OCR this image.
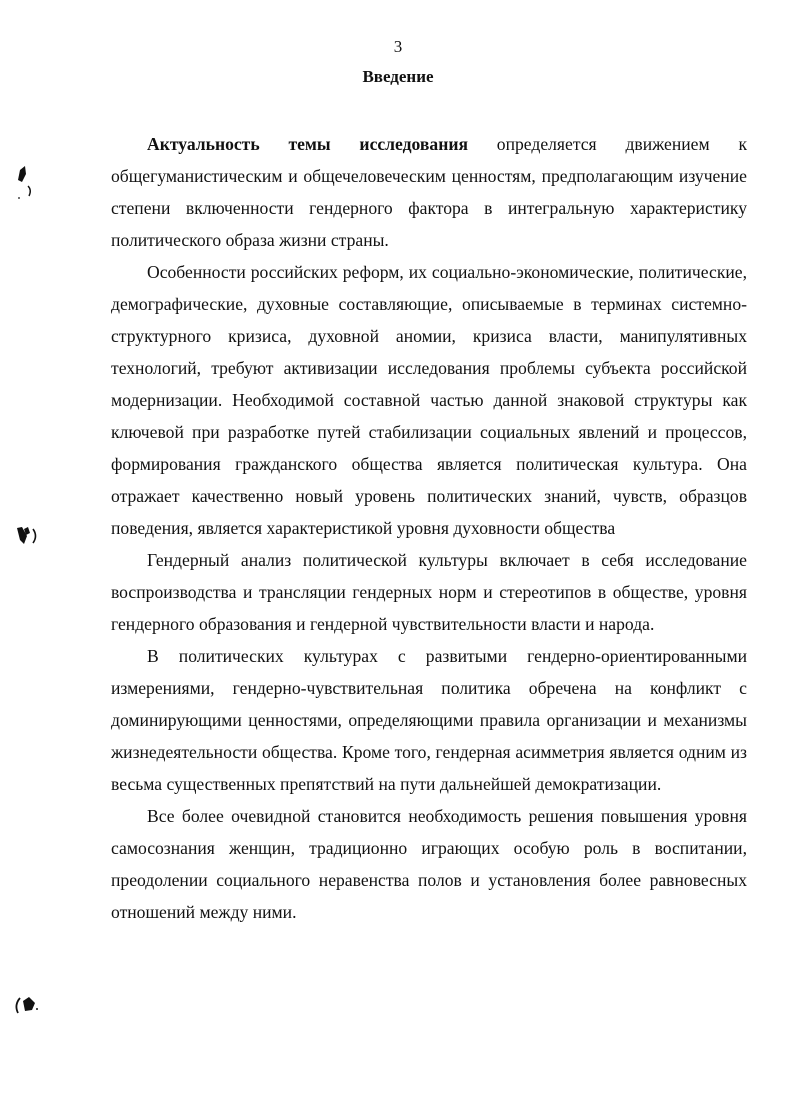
3
Введение

Актуальность темы исследования определяется движением к общегуманистическим и общечеловеческим ценностям, предполагающим изучение степени включенности гендерного фактора в интегральную характеристику политического образа жизни страны.

Особенности российских реформ, их социально-экономические, политические, демографические, духовные составляющие, описываемые в терминах системно-структурного кризиса, духовной аномии, кризиса власти, манипулятивных технологий, требуют активизации исследования проблемы субъекта российской модернизации. Необходимой составной частью данной знаковой структуры как ключевой при разработке путей стабилизации социальных явлений и процессов, формирования гражданского общества является политическая культура. Она отражает качественно новый уровень политических знаний, чувств, образцов поведения, является характеристикой уровня духовности общества

Гендерный анализ политической культуры включает в себя исследование воспроизводства и трансляции гендерных норм и стереотипов в обществе, уровня гендерного образования и гендерной чувствительности власти и народа.

В политических культурах с развитыми гендерно-ориентированными измерениями, гендерно-чувствительная политика обречена на конфликт с доминирующими ценностями, определяющими правила организации и механизмы жизнедеятельности общества. Кроме того, гендерная асимметрия является одним из весьма существенных препятствий на пути дальнейшей демократизации.

Все более очевидной становится необходимость решения повышения уровня самосознания женщин, традиционно играющих особую роль в воспитании, преодолении социального неравенства полов и установления более равновесных отношений между ними.
